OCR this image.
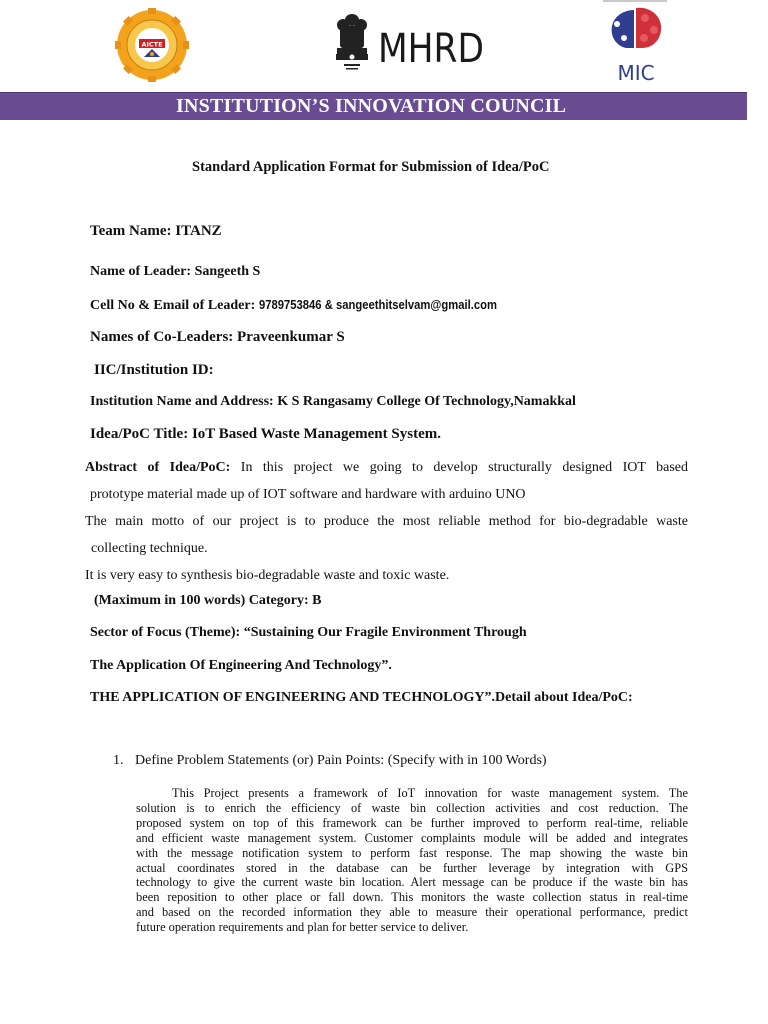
AICTE	MHRD
MIC
INSTITUTION’S INNOVATION COUNCIL
Standard Application Format for Submission of Idea/PoC
Team Name: ITANZ
Name of Leader: Sangeeth S
Cell No & Email of Leader: 9789753846 & sangeethitselvam@gmail.com
Names of Co-Leaders: Praveenkumar S
IIC/Institution ID:
Institution Name and Address: K S Rangasamy College Of Technology,Namakkal
Idea/PoC Title: IoT Based Waste Management System.
Abstract of Idea/PoC: In this project we going to develop structurally designed IOT based
prototype material made up of IOT software and hardware with arduino UNO
The main motto of our project is to produce the most reliable method for bio-degradable waste
collecting technique.
It is very easy to synthesis bio-degradable waste and toxic waste.
(Maximum in 100 words) Category: B
Sector of Focus (Theme): “Sustaining Our Fragile Environment Through
The Application Of Engineering And Technology”.
THE APPLICATION OF ENGINEERING AND TECHNOLOGY”.Detail about Idea/PoC:
1. Define Problem Statements (or) Pain Points: (Specify with in 100 Words)
This Project presents a framework of IoT innovation for waste management system. The
solution is to enrich the efficiency of waste bin collection activities and cost reduction. The
proposed system on top of this framework can be further improved to perform real-time, reliable
and efficient waste management system. Customer complaints module will be added and integrates
with the message notification system to perform fast response. The map showing the waste bin
actual coordinates stored in the database can be further leverage by integration with GPS
technology to give the current waste bin location. Alert message can be produce if the waste bin has
been reposition to other place or fall down. This monitors the waste collection status in real-time
and based on the recorded information they able to measure their operational performance, predict
future operation requirements and plan for better service to deliver.
